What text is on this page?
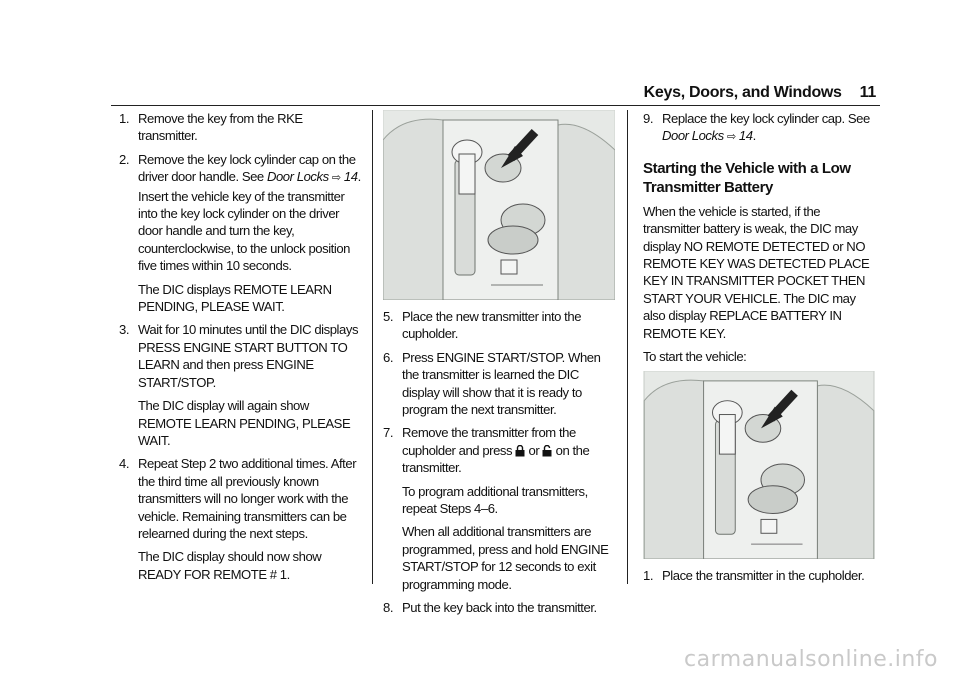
Keys, Doors, and Windows 11
1. Remove the key from the RKE transmitter.
2. Remove the key lock cylinder cap on the driver door handle. See Door Locks ⇨ 14. Insert the vehicle key of the transmitter into the key lock cylinder on the driver door handle and turn the key, counterclockwise, to the unlock position five times within 10 seconds.
The DIC displays REMOTE LEARN PENDING, PLEASE WAIT.
3. Wait for 10 minutes until the DIC displays PRESS ENGINE START BUTTON TO LEARN and then press ENGINE START/STOP.
The DIC display will again show REMOTE LEARN PENDING, PLEASE WAIT.
4. Repeat Step 2 two additional times. After the third time all previously known transmitters will no longer work with the vehicle. Remaining transmitters can be relearned during the next steps.
The DIC display should now show READY FOR REMOTE # 1.
5. Place the new transmitter into the cupholder.
6. Press ENGINE START/STOP. When the transmitter is learned the DIC display will show that it is ready to program the next transmitter.
7. Remove the transmitter from the cupholder and press  or  on the transmitter.
To program additional transmitters, repeat Steps 4–6.
When all additional transmitters are programmed, press and hold ENGINE START/STOP for 12 seconds to exit programming mode.
8. Put the key back into the transmitter.
9. Replace the key lock cylinder cap. See Door Locks ⇨ 14.
Starting the Vehicle with a Low Transmitter Battery
When the vehicle is started, if the transmitter battery is weak, the DIC may display NO REMOTE DETECTED or NO REMOTE KEY WAS DETECTED PLACE KEY IN TRANSMITTER POCKET THEN START YOUR VEHICLE. The DIC may also display REPLACE BATTERY IN REMOTE KEY.
To start the vehicle:
1. Place the transmitter in the cupholder.
carmanualsonline.info
